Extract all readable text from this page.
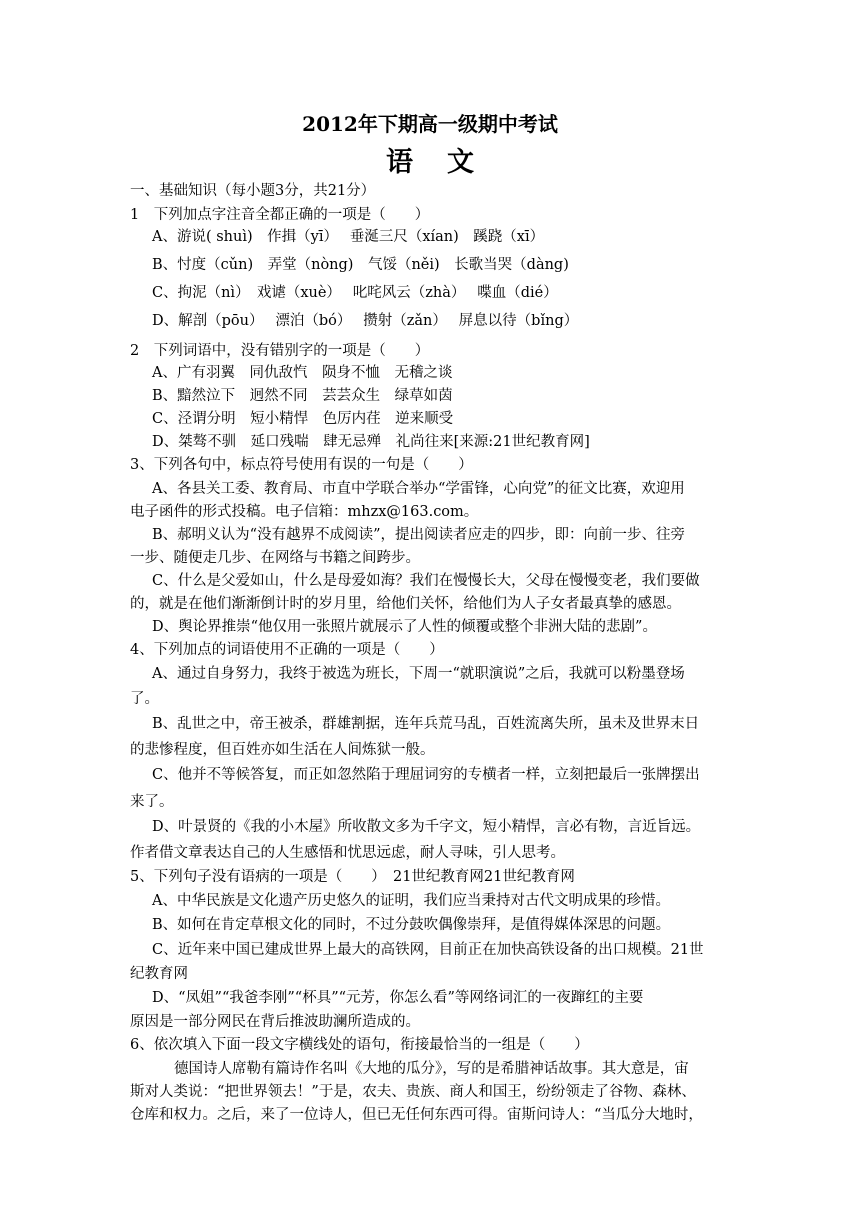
2012年下期高一级期中考试
语文
一、基础知识（每小题3分，共21分）
1　下列加点字注音全都正确的一项是（　　）
A、游说( shuì)　作揖（yī）　 垂涎三尺（xían)　蹊跷（xī）
B、忖度（cǔn)　弄堂（nòng)　气馁（něi)　长歌当哭（dàng)
C、拘泥（nì）　戏谑（xuè）　 叱咤风云（zhà）　 喋血（dié）
D、解剖（pōu）　 漂泊（bó）　 攒射（zǎn）　 屏息以待（bǐng）
2　下列词语中，没有错别字的一项是（　　）
A、广有羽翼　同仇敌忾　陨身不恤　无稽之谈
B、黯然泣下　迥然不同　芸芸众生　绿草如茵
C、泾谓分明　短小精悍　色厉内荏　逆来顺受
D、桀骜不驯　延口残喘　肆无忌殚　礼尚往来[来源:21世纪教育网]
3、下列各句中，标点符号使用有误的一句是（　　）
A、各县关工委、教育局、市直中学联合举办“学雷锋，心向党”的征文比赛，欢迎用
电子函件的形式投稿。电子信箱：mhzx@163.com。
B、郝明义认为“没有越界不成阅读”，提出阅读者应走的四步，即：向前一步、往旁
一步、随便走几步、在网络与书籍之间跨步。
C、什么是父爱如山，什么是母爱如海？我们在慢慢长大，父母在慢慢变老，我们要做
的，就是在他们渐渐倒计时的岁月里，给他们关怀，给他们为人子女者最真挚的感恩。
D、舆论界推崇“他仅用一张照片就展示了人性的倾覆或整个非洲大陆的悲剧”。
4、下列加点的词语使用不正确的一项是（　　）
A、通过自身努力，我终于被选为班长，下周一“就职演说”之后，我就可以粉墨登场
了。
B、乱世之中，帝王被杀，群雄割据，连年兵荒马乱，百姓流离失所，虽未及世界末日
的悲惨程度，但百姓亦如生活在人间炼狱一般。
C、他并不等候答复，而正如忽然陷于理屈词穷的专横者一样，立刻把最后一张牌摆出
来了。
D、叶景贤的《我的小木屋》所收散文多为千字文，短小精悍，言必有物，言近旨远。
作者借文章表达自己的人生感悟和忧思远虑，耐人寻味，引人思考。
5、下列句子没有语病的一项是（　　）　21世纪教育网21世纪教育网
A、中华民族是文化遗产历史悠久的证明，我们应当秉持对古代文明成果的珍惜。
B、如何在肯定草根文化的同时，不过分鼓吹偶像崇拜，是值得媒体深思的问题。
C、近年来中国已建成世界上最大的高铁网，目前正在加快高铁设备的出口规模。21世
纪教育网
D、“凤姐”“我爸李刚”“杯具”“元芳，你怎么看”等网络词汇的一夜蹿红的主要
原因是一部分网民在背后推波助澜所造成的。
6、依次填入下面一段文字横线处的语句，衔接最恰当的一组是（　　）
德国诗人席勒有篇诗作名叫《大地的瓜分》，写的是希腊神话故事。其大意是，宙
斯对人类说：“把世界领去！”于是，农夫、贵族、商人和国王，纷纷领走了谷物、森林、
仓库和权力。之后，来了一位诗人，但已无任何东西可得。宙斯问诗人：“当瓜分大地时，
